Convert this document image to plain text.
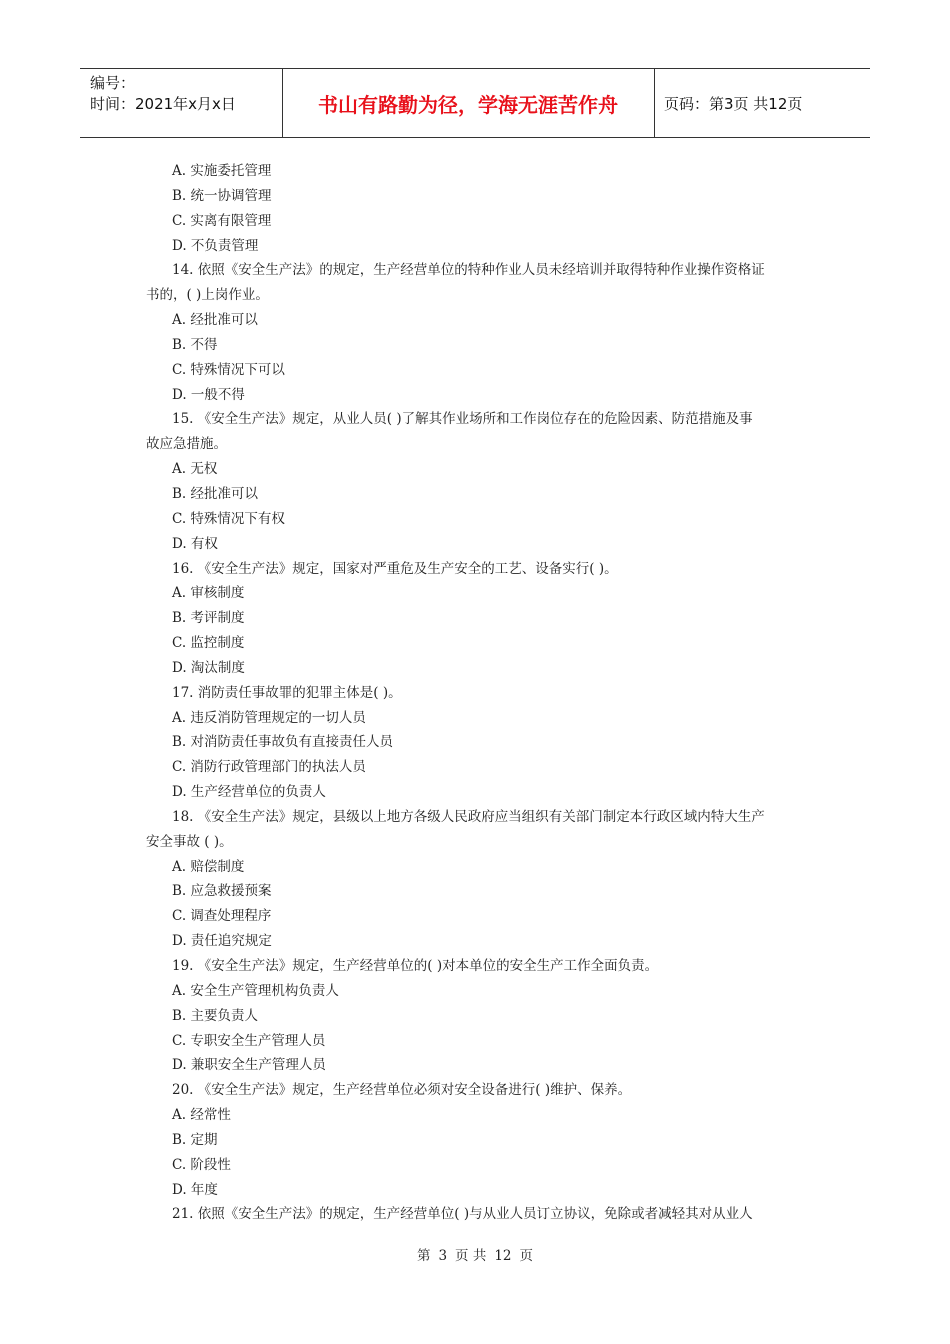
编号：
时间：2021年x月x日	书山有路勤为径，学海无涯苦作舟	页码：第3页 共12页
A. 实施委托管理
B. 统一协调管理
C. 实离有限管理
D. 不负责管理
14. 依照《安全生产法》的规定，生产经营单位的特种作业人员未经培训并取得特种作业操作资格证
书的，( )上岗作业。
A. 经批准可以
B. 不得
C. 特殊情况下可以
D. 一般不得
15. 《安全生产法》规定，从业人员( )了解其作业场所和工作岗位存在的危险因素、防范措施及事
故应急措施。
A. 无权
B. 经批准可以
C. 特殊情况下有权
D. 有权
16. 《安全生产法》规定，国家对严重危及生产安全的工艺、设备实行( )。
A. 审核制度
B. 考评制度
C. 监控制度
D. 淘汰制度
17. 消防责任事故罪的犯罪主体是( )。
A. 违反消防管理规定的一切人员
B. 对消防责任事故负有直接责任人员
C. 消防行政管理部门的执法人员
D. 生产经营单位的负责人
18. 《安全生产法》规定，县级以上地方各级人民政府应当组织有关部门制定本行政区域内特大生产
安全事故 ( )。
A. 赔偿制度
B. 应急救援预案
C. 调查处理程序
D. 责任追究规定
19. 《安全生产法》规定，生产经营单位的( )对本单位的安全生产工作全面负责。
A. 安全生产管理机构负责人
B. 主要负责人
C. 专职安全生产管理人员
D. 兼职安全生产管理人员
20. 《安全生产法》规定，生产经营单位必须对安全设备进行( )维护、保养。
A. 经常性
B. 定期
C. 阶段性
D. 年度
21. 依照《安全生产法》的规定，生产经营单位( )与从业人员订立协议，免除或者减轻其对从业人
第 3 页 共 12 页
